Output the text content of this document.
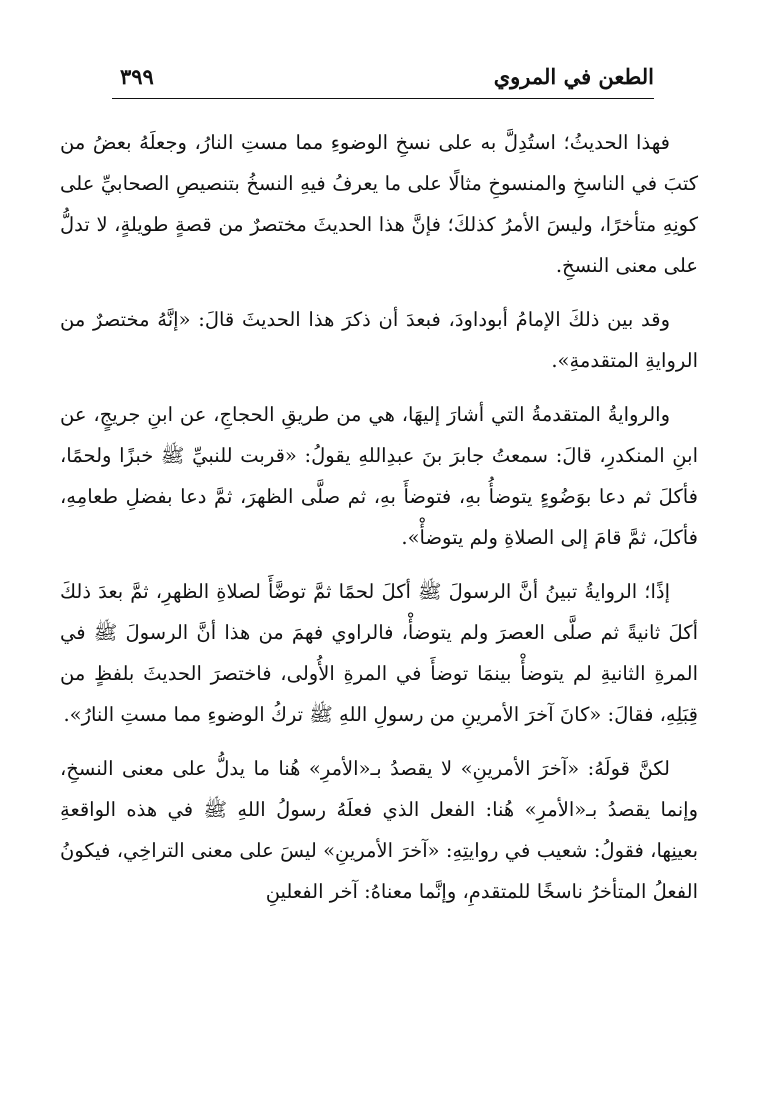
الطعن في المروي
٣٩٩

فهذا الحديثُ؛ استُدِلَّ به على نسخِ الوضوءِ مما مستِ النارُ، وجعلَهُ بعضُ من كتبَ في الناسخِ والمنسوخِ مثالًا على ما يعرفُ فيهِ النسخُ بتنصيصِ الصحابيِّ على كونِهِ متأخرًا، وليسَ الأمرُ كذلكَ؛ فإنَّ هذا الحديثَ مختصرٌ من قصةٍ طويلةٍ، لا تدلُّ على معنى النسخِ.

وقد بين ذلكَ الإمامُ أبوداودَ، فبعدَ أن ذكرَ هذا الحديثَ قالَ: «إنَّهُ مختصرٌ من الروايةِ المتقدمةِ».

والروايةُ المتقدمةُ التي أشارَ إليهَا، هي من طريقِ الحجاجِ، عن ابنِ جريجٍ، عن ابنِ المنكدرِ، قالَ: سمعتُ جابرَ بنَ عبدِاللهِ يقولُ: «قربت للنبيِّ ﷺ خبزًا ولحمًا، فأكلَ ثم دعا بوَضُوءٍ يتوضأُ بهِ، فتوضأَ بهِ، ثم صلَّى الظهرَ، ثمَّ دعا بفضلِ طعامِهِ، فأكلَ، ثمَّ قامَ إلى الصلاةِ ولم يتوضأْ».

إذًا؛ الروايةُ تبينُ أنَّ الرسولَ ﷺ أكلَ لحمًا ثمَّ توضَّأَ لصلاةِ الظهرِ، ثمَّ بعدَ ذلكَ أكلَ ثانيةً ثم صلَّى العصرَ ولم يتوضأْ، فالراوي فهمَ من هذا أنَّ الرسولَ ﷺ في المرةِ الثانيةِ لم يتوضأْ بينمَا توضأَ في المرةِ الأُولى، فاختصرَ الحديثَ بلفظٍ من قِبَلِهِ، فقالَ: «كانَ آخرَ الأمرينِ من رسولِ اللهِ ﷺ تركُ الوضوءِ مما مستِ النارُ».

لكنَّ قولَهُ: «آخرَ الأمرينِ» لا يقصدُ بـ«الأمرِ» هُنا ما يدلُّ على معنى النسخِ، وإنما يقصدُ بـ«الأمرِ» هُنا: الفعل الذي فعلَهُ رسولُ اللهِ ﷺ في هذه الواقعةِ بعينِها، فقولُ: شعيب في روايتِهِ: «آخرَ الأمرينِ» ليسَ على معنى التراخِي، فيكونُ الفعلُ المتأخرُ ناسخًا للمتقدمِ، وإنَّما معناهُ: آخر الفعلينِ
